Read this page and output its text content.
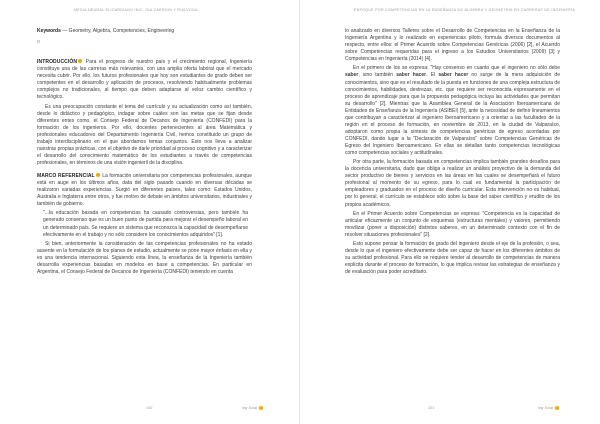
MEDIA NEURAL ELICARDIANO INIC. DIA CARRION Y RIALVOGA
Keywords — Geometry, Algebra, Competencies, Engineering
o

INTRODUCCIÓN Para el progreso de nuestro país y el crecimiento regional, Ingeniería constituye una de las carreras más relevantes, con una amplia oferta laboral que el mercado necesita cubrir. Por ello, los futuros profesionales que hoy son estudiantes de grado deben ser competentes en el desarrollo y aplicación de procesos, resolviendo habitualmente problemas complejos no tradicionales, al tiempo que deben adaptarse al veloz cambio científico y tecnológico.

Es una preocupación constante el tema del currículo y su actualización como así también, desde lo didáctico y pedagógico, indagar sobre cuáles son las metas que se fijan desde diferentes entes como, el Consejo Federal de Decanos de Ingeniería (CONFEDI) para la formación de los ingenieros. Por ello, docentes pertenecientes al área Matemática y profesionales educadores del Departamento Ingeniería Civil, hemos constituido un grupo de trabajo interdisciplinario en el que abordamos temas conjuntos. Esto nos lleva a analizar nuestras propias prácticas, con el objetivo de darle prioridad al proceso cognitivo y a caracterizar el desarrollo del conocimiento matemático de los estudiantes a través de competencias profesionales, en términos de una visión ingenieril de la disciplina.

MARCO REFERENCIAL La formación universitaria por competencias profesionales, aunque está en auge en los últimos años, data del siglo pasado cuando en diversas décadas se realizaron variadas experiencias. Surgió en diferentes países, tales como: Estados Unidos, Australia e Inglaterra entre otros, y fue motivo de debate en ámbitos universitarios, industriales y también de gobierno.

"...la educación basada en competencias ha causado controversias, pero también ha generado consenso que es un buen punto de partida para mejorar el desempeño laboral en un determinado país. Se requiere un sistema que reconozca la capacidad de desempeñarse efectivamente en el trabajo y no sólo considere los conocimientos adquiridos" [1].

Si bien, anteriormente la consideración de las competencias profesionales no ha estado ausente en la formulación de los planes de estudio, actualmente se pone mayor énfasis en ella y es una tendencia internacional. Siguiendo esta línea, la enseñanza de la Ingeniería también desarrolla experiencias basadas en modelos en base a competencias. En particular en Argentina, el Consejo Federal de Decanos de Ingeniería (CONFEDI) teniendo en cuenta

100	Ing Solar
ENFOQUE POR COMPETENCIAS EN LA ENSEÑANZA DE ÁLGEBRA Y GEOMETRÍA EN CARRERAS DE INGENIERÍA

lo analizado en diversos Talleres sobre el Desarrollo de Competencias en la Enseñanza de la Ingeniería Argentina y lo realizado en experiencias piloto, formula diversos documentos al respecto, entre ellos: el Primer Acuerdo sobre Competencias Genéricas (2006) [2], el Acuerdo sobre Competencias requeridas para el ingreso a los Estudios Universitarios (2009) [3] y Competencias en Ingeniería (2014) [4].

En el primero de los se expresa: "Hay consenso en cuanto que el ingeniero no sólo debe saber, sino también saber hacer. El saber hacer no surge de la mera adquisición de conocimientos, sino que es el resultado de la puesta en funciones de una compleja estructura de conocimientos, habilidades, destrezas, etc. que requiere ser reconocida expresamente en el proceso de aprendizaje para que la propuesta pedagógica incluya las actividades que permitan su desarrollo" [2]. Mientras que la Asamblea General de la Asociación Iberoamericana de Entidades de Enseñanza de la Ingeniería (ASIBEI) [5], ante la necesidad de definir lineamientos que contribuyan a caracterizar al ingeniero Iberoamericano y a orientar a las facultades de la región en el proceso de formación, en noviembre de 2013, en la ciudad de Valparaíso, adoptaron como propia la síntesis de competencias genéricas de egreso acordadas por CONFEDI, dando lugar a la "Declaración de Valparaíso" sobre Competencias Genéricas de Egreso del Ingeniero Iberoamericano. En ellas se detallan tanto competencias tecnológicas como competencias sociales y actitudinales.

Por otra parte, la formación basada en competencias implica también grandes desafíos para la docencia universitaria, dado que obliga a realizar un análisis proyectivo de la demanda del sector productivo de bienes y servicios en las áreas en las cuales se desempeñará el futuro profesional al momento de su egreso, para lo cual es fundamental la participación de empleadores y graduados en el proceso de diseño curricular. Esta intervención no es habitual, por lo general, el currículo se establece sólo sobre la base del saber científico y erudito de los propios académicos.

En el Primer Acuerdo sobre Competencias se expresa: "Competencia es la capacidad de articular eficazmente un conjunto de esquemas (estructuras mentales) y valores, permitiendo movilizar (poner a disposición) distintos saberes, en un determinado contexto con el fin de resolver situaciones profesionales" [2].

Esto supone pensar la formación de grado del ingeniero desde el eje de la profesión, o sea, desde lo que el ingeniero efectivamente debe ser capaz de hacer en los diferentes ámbitos de su actividad profesional. Para ello se requiere tender al desarrollo de competencias de manera explícita durante el proceso de formación, lo que implica revisar las estrategias de enseñanza y de evaluación para poder acreditarlo.

101	Ing Solar
